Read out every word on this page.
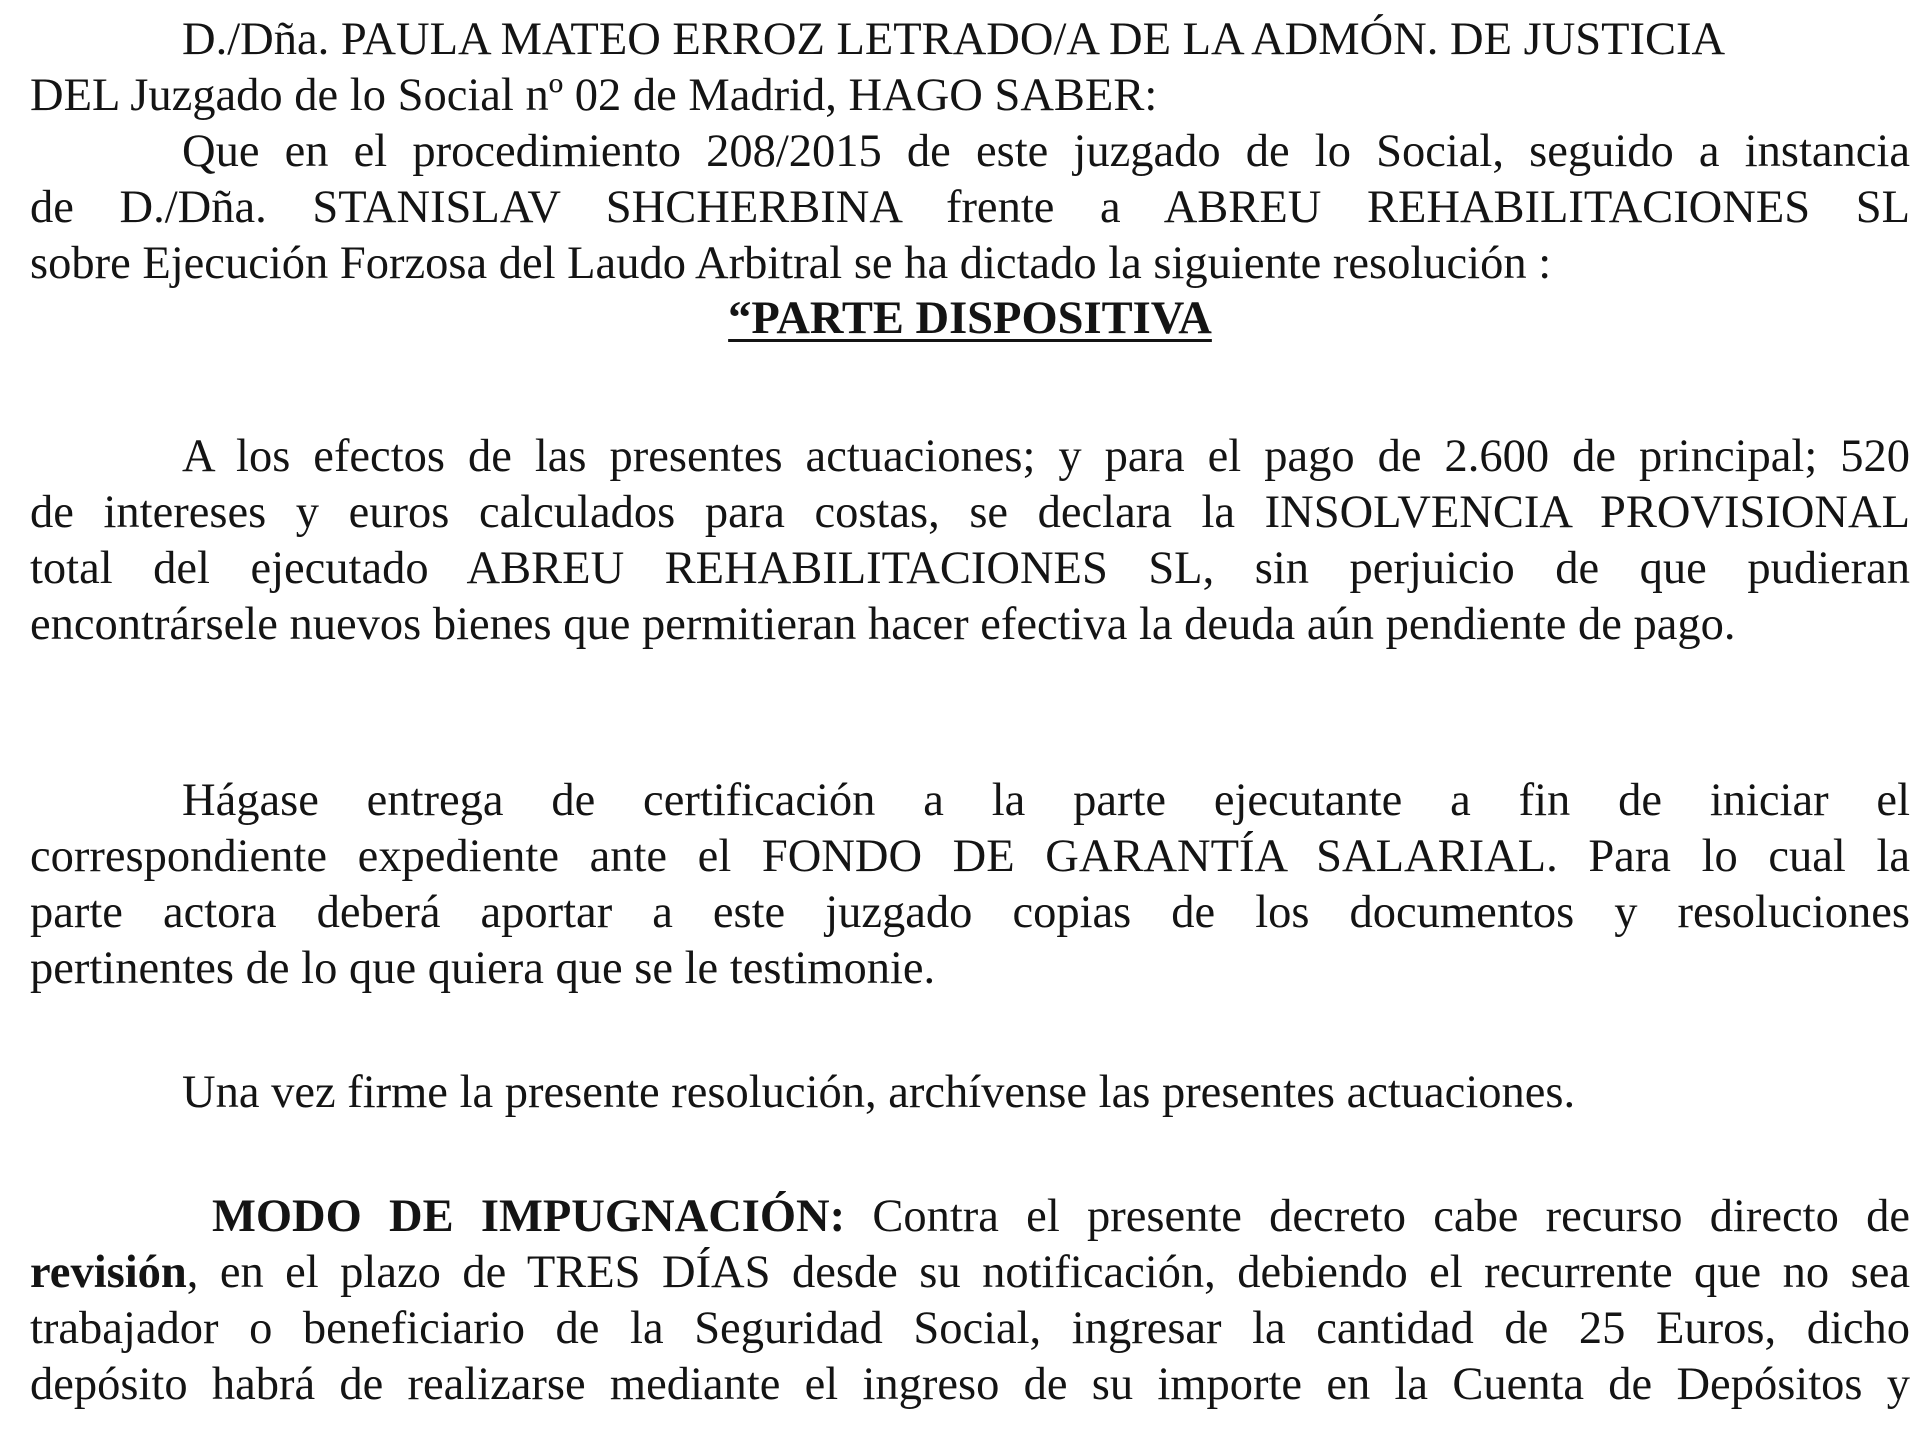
D./Dña. PAULA MATEO ERROZ LETRADO/A DE LA ADMÓN. DE JUSTICIA
DEL Juzgado de lo Social nº 02 de Madrid, HAGO SABER:
Que en el procedimiento 208/2015 de este juzgado de lo Social, seguido a instancia
de D./Dña. STANISLAV SHCHERBINA frente a ABREU REHABILITACIONES SL
sobre Ejecución Forzosa del Laudo Arbitral se ha dictado la siguiente resolución :
“PARTE DISPOSITIVA
A los efectos de las presentes actuaciones; y para el pago de 2.600 de principal; 520
de intereses y euros calculados para costas, se declara la INSOLVENCIA PROVISIONAL
total del ejecutado ABREU REHABILITACIONES SL, sin perjuicio de que pudieran
encontrársele nuevos bienes que permitieran hacer efectiva la deuda aún pendiente de pago.
Hágase entrega de certificación a la parte ejecutante a fin de iniciar el
correspondiente expediente ante el FONDO DE GARANTÍA SALARIAL. Para lo cual la
parte actora deberá aportar a este juzgado copias de los documentos y resoluciones
pertinentes de lo que quiera que se le testimonie.
Una vez firme la presente resolución, archívense las presentes actuaciones.
MODO DE IMPUGNACIÓN: Contra el presente decreto cabe recurso directo de
revisión, en el plazo de TRES DÍAS desde su notificación, debiendo el recurrente que no sea
trabajador o beneficiario de la Seguridad Social, ingresar la cantidad de 25 Euros, dicho
depósito habrá de realizarse mediante el ingreso de su importe en la Cuenta de Depósitos y
